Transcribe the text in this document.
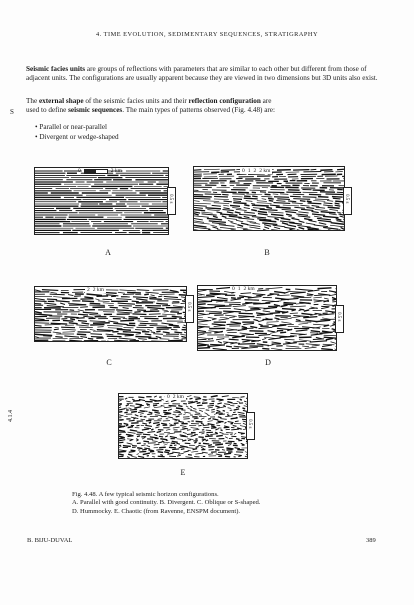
4. TIME EVOLUTION, SEDIMENTARY SEQUENCES, STRATIGRAPHY
Seismic facies units are groups of reflections with parameters that are similar to each other but different from those of adjacent units. The configurations are usually apparent because they are viewed in two dimensions but 3D units also exist.
The external shape of the seismic facies units and their reflection configuration are
used to define seismic sequences. The main types of patterns observed (Fig. 4.48) are:
S
• Parallel or near-parallel
• Divergent or wedge-shaped
0	2 km
0.5 s
A
0 1 2 2 km
0.5 s
B
2 2 km
0.5 s
C
0 1 2 km
0.5 s
D
0 2 km
0.5 s
E
4.1.4
Fig. 4.48. A few typical seismic horizon configurations.
A. Parallel with good continuity. B. Divergent. C. Oblique or S-shaped.
D. Hummocky. E. Chaotic (from Ravenne, ENSPM document).
B. BIJU-DUVAL	389
